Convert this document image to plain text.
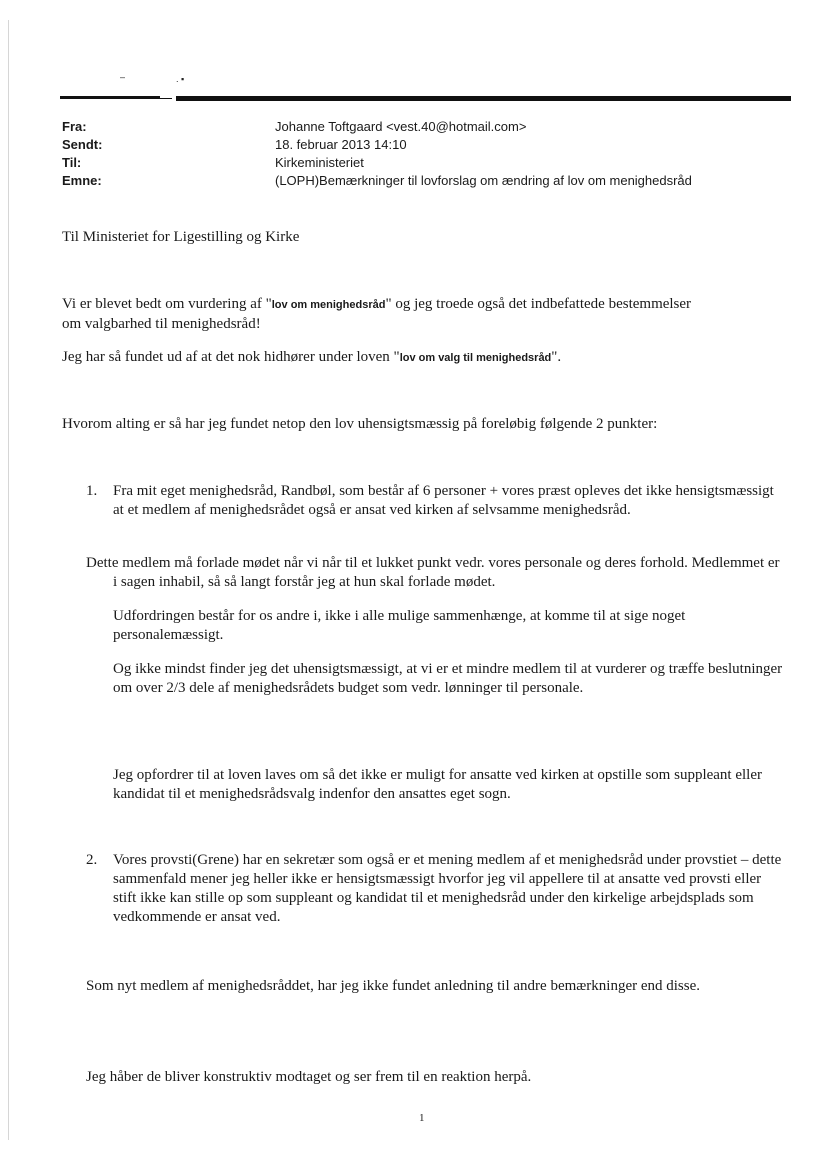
–	. ▪
Fra:	Johanne Toftgaard <vest.40@hotmail.com>
Sendt:	18. februar 2013 14:10
Til:	Kirkeministeriet
Emne:	(LOPH)Bemærkninger til lovforslag om ændring af lov om menighedsråd
Til Ministeriet for Ligestilling og Kirke
Vi er blevet bedt om vurdering af "lov om menighedsråd" og jeg troede også det indbefattede bestemmelser om valgbarhed til menighedsråd!
Jeg har så fundet ud af at det nok hidhører under loven "lov om valg til menighedsråd".
Hvorom alting er så har jeg fundet netop den lov uhensigtsmæssig på foreløbig følgende 2 punkter:
1.	Fra mit eget menighedsråd, Randbøl, som består af 6 personer + vores præst opleves det ikke hensigtsmæssigt at et medlem af menighedsrådet også er ansat ved kirken af selvsamme menighedsråd.
Dette medlem må forlade mødet når vi når til et lukket punkt vedr. vores personale og deres forhold. Medlemmet er i sagen inhabil, så så langt forstår jeg at hun skal forlade mødet.
Udfordringen består for os andre i, ikke i alle mulige sammenhænge, at komme til at sige noget personalemæssigt.
Og ikke mindst finder jeg det uhensigtsmæssigt, at vi er et mindre medlem til at vurderer og træffe beslutninger om over 2/3 dele af menighedsrådets budget som vedr. lønninger til personale.
Jeg opfordrer til at loven laves om så det ikke er muligt for ansatte ved kirken at opstille som suppleant eller kandidat til et menighedsrådsvalg indenfor den ansattes eget sogn.
2.	Vores provsti(Grene) har en sekretær som også er et mening medlem af et menighedsråd under provstiet – dette sammenfald mener jeg heller ikke er hensigtsmæssigt hvorfor jeg vil appellere til at ansatte ved provsti eller stift ikke kan stille op som suppleant og kandidat til et menighedsråd under den kirkelige arbejdsplads som vedkommende er ansat ved.
Som nyt medlem af menighedsråddet, har jeg ikke fundet anledning til andre bemærkninger end disse.
Jeg håber de bliver konstruktiv modtaget og ser frem til en reaktion herpå.
1
